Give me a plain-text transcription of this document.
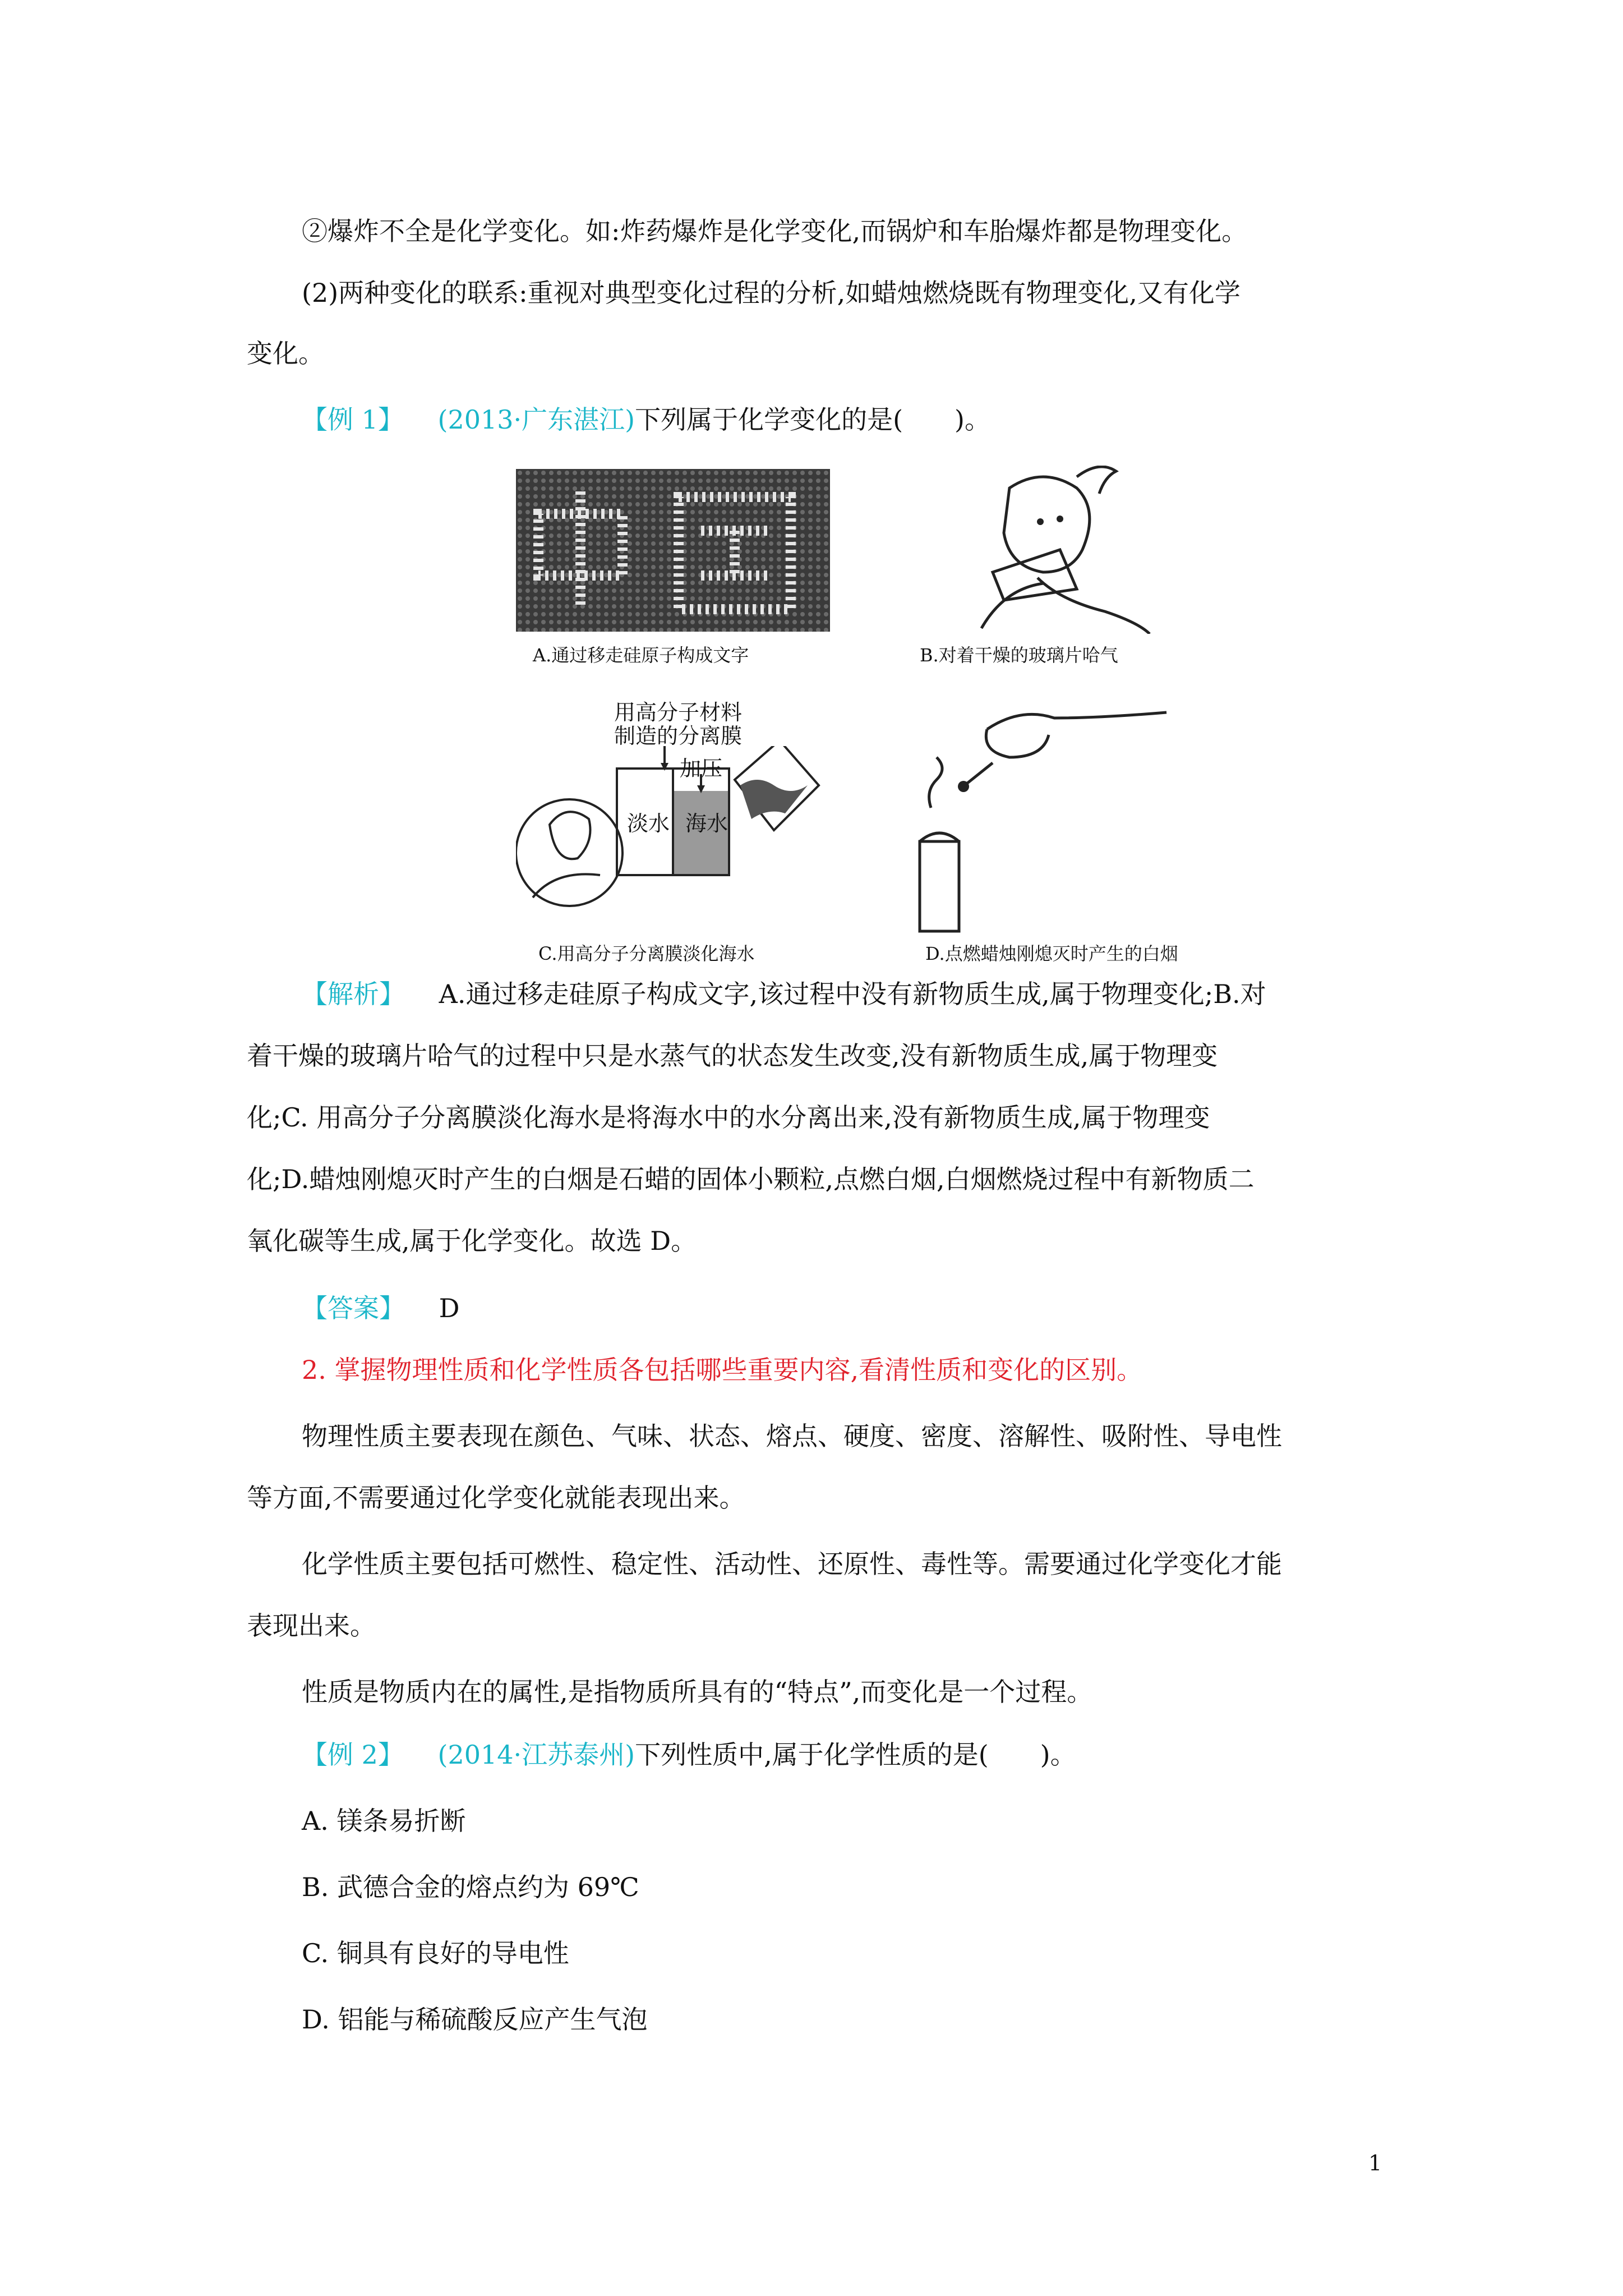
②爆炸不全是化学变化。如:炸药爆炸是化学变化,而锅炉和车胎爆炸都是物理变化。
(2)两种变化的联系:重视对典型变化过程的分析,如蜡烛燃烧既有物理变化,又有化学
变化。
【例 1】 (2013·广东湛江)下列属于化学变化的是(　　)。
A.通过移走硅原子构成文字	B.对着干燥的玻璃片哈气
用高分子材料
制造的分离膜
加压
淡水 海水
C.用高分子分离膜淡化海水	D.点燃蜡烛刚熄灭时产生的白烟
【解析】 A.通过移走硅原子构成文字,该过程中没有新物质生成,属于物理变化;B.对
着干燥的玻璃片哈气的过程中只是水蒸气的状态发生改变,没有新物质生成,属于物理变
化;C. 用高分子分离膜淡化海水是将海水中的水分离出来,没有新物质生成,属于物理变
化;D.蜡烛刚熄灭时产生的白烟是石蜡的固体小颗粒,点燃白烟,白烟燃烧过程中有新物质二
氧化碳等生成,属于化学变化。故选 D。
【答案】 D
2. 掌握物理性质和化学性质各包括哪些重要内容,看清性质和变化的区别。
物理性质主要表现在颜色、气味、状态、熔点、硬度、密度、溶解性、吸附性、导电性
等方面,不需要通过化学变化就能表现出来。
化学性质主要包括可燃性、稳定性、活动性、还原性、毒性等。需要通过化学变化才能
表现出来。
性质是物质内在的属性,是指物质所具有的“特点”,而变化是一个过程。
【例 2】 (2014·江苏泰州)下列性质中,属于化学性质的是(　　)。
A. 镁条易折断
B. 武德合金的熔点约为 69℃
C. 铜具有良好的导电性
D. 铝能与稀硫酸反应产生气泡
1
